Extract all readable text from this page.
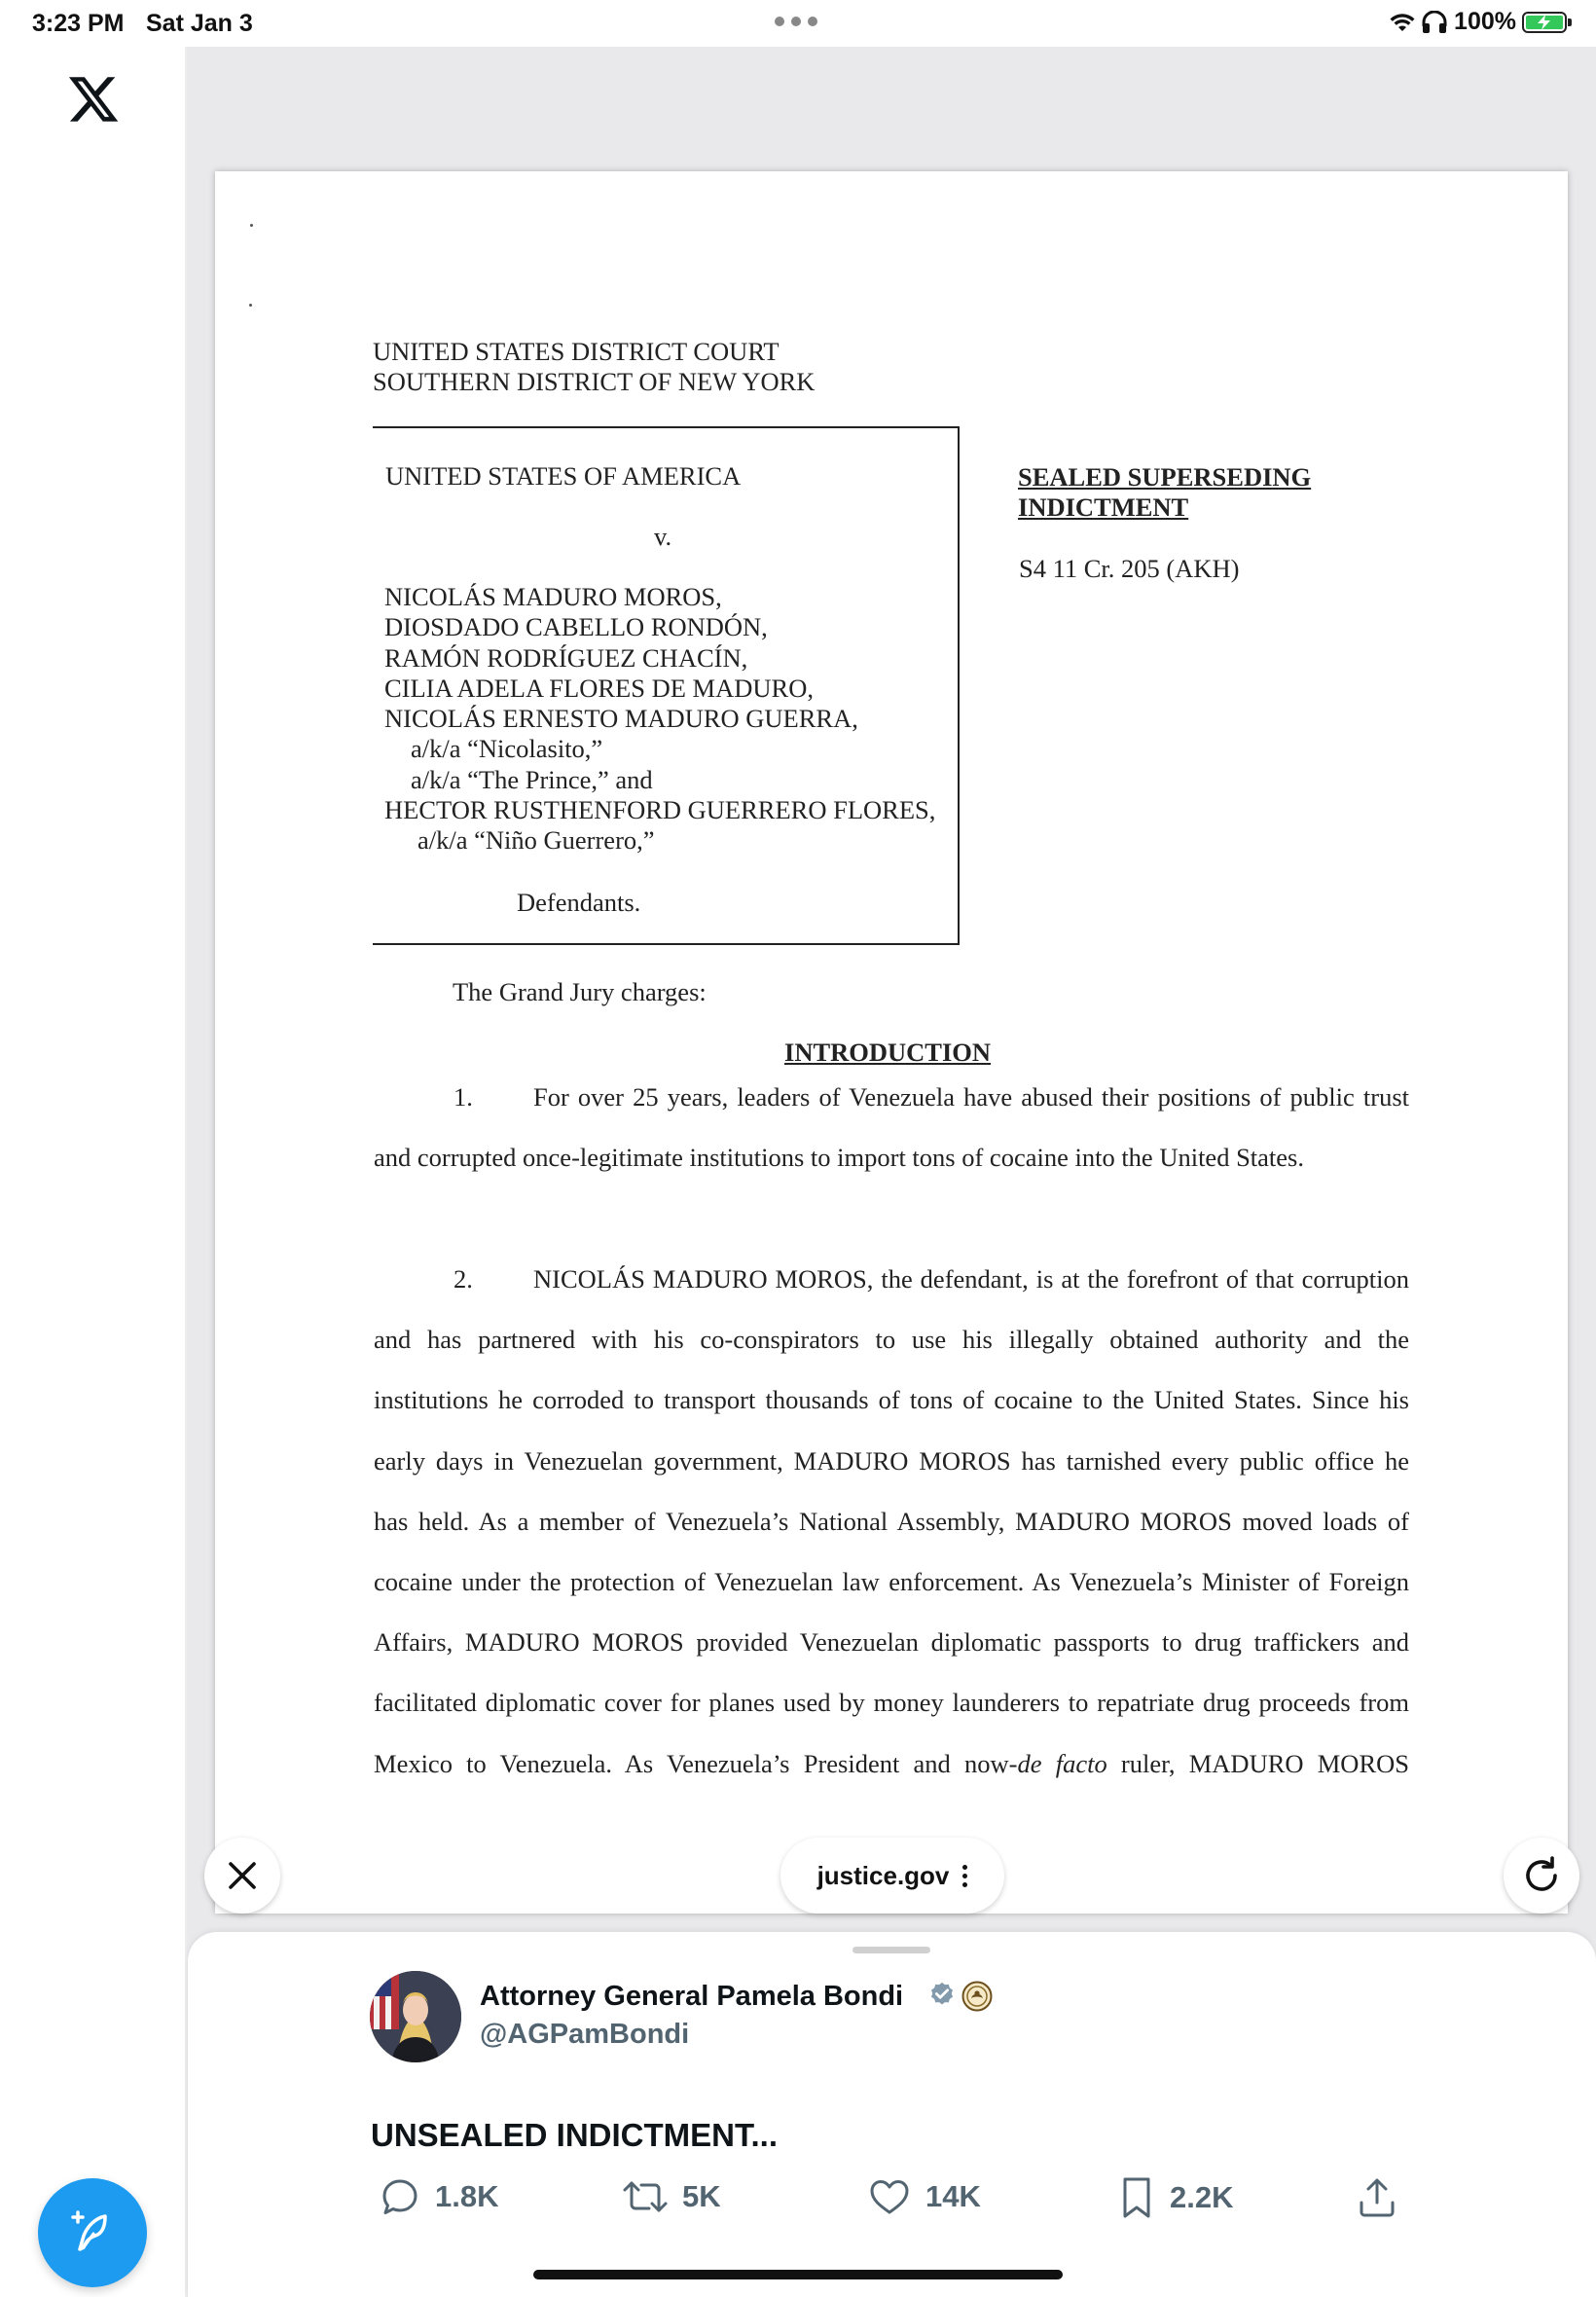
3:23 PM Sat Jan 3	100%
UNITED STATES DISTRICT COURT
SOUTHERN DISTRICT OF NEW YORK
UNITED STATES OF AMERICA
v.
NICOLÁS MADURO MOROS,
DIOSDADO CABELLO RONDÓN,
RAMÓN RODRÍGUEZ CHACÍN,
CILIA ADELA FLORES DE MADURO,
NICOLÁS ERNESTO MADURO GUERRA,
a/k/a “Nicolasito,”
a/k/a “The Prince,” and
HECTOR RUSTHENFORD GUERRERO FLORES,
a/k/a “Niño Guerrero,”
Defendants.
SEALED SUPERSEDING
INDICTMENT
S4 11 Cr. 205 (AKH)
The Grand Jury charges:
INTRODUCTION
1. For over 25 years, leaders of Venezuela have abused their positions of public trust
and corrupted once-legitimate institutions to import tons of cocaine into the United States.
2. NICOLÁS MADURO MOROS, the defendant, is at the forefront of that corruption
and has partnered with his co-conspirators to use his illegally obtained authority and the
institutions he corroded to transport thousands of tons of cocaine to the United States. Since his
early days in Venezuelan government, MADURO MOROS has tarnished every public office he
has held. As a member of Venezuela’s National Assembly, MADURO MOROS moved loads of
cocaine under the protection of Venezuelan law enforcement. As Venezuela’s Minister of Foreign
Affairs, MADURO MOROS provided Venezuelan diplomatic passports to drug traffickers and
facilitated diplomatic cover for planes used by money launderers to repatriate drug proceeds from
Mexico to Venezuela. As Venezuela’s President and now-de facto ruler, MADURO MOROS
justice.gov
Attorney General Pamela Bondi
@AGPamBondi
UNSEALED INDICTMENT...
1.8K	5K	14K	2.2K
